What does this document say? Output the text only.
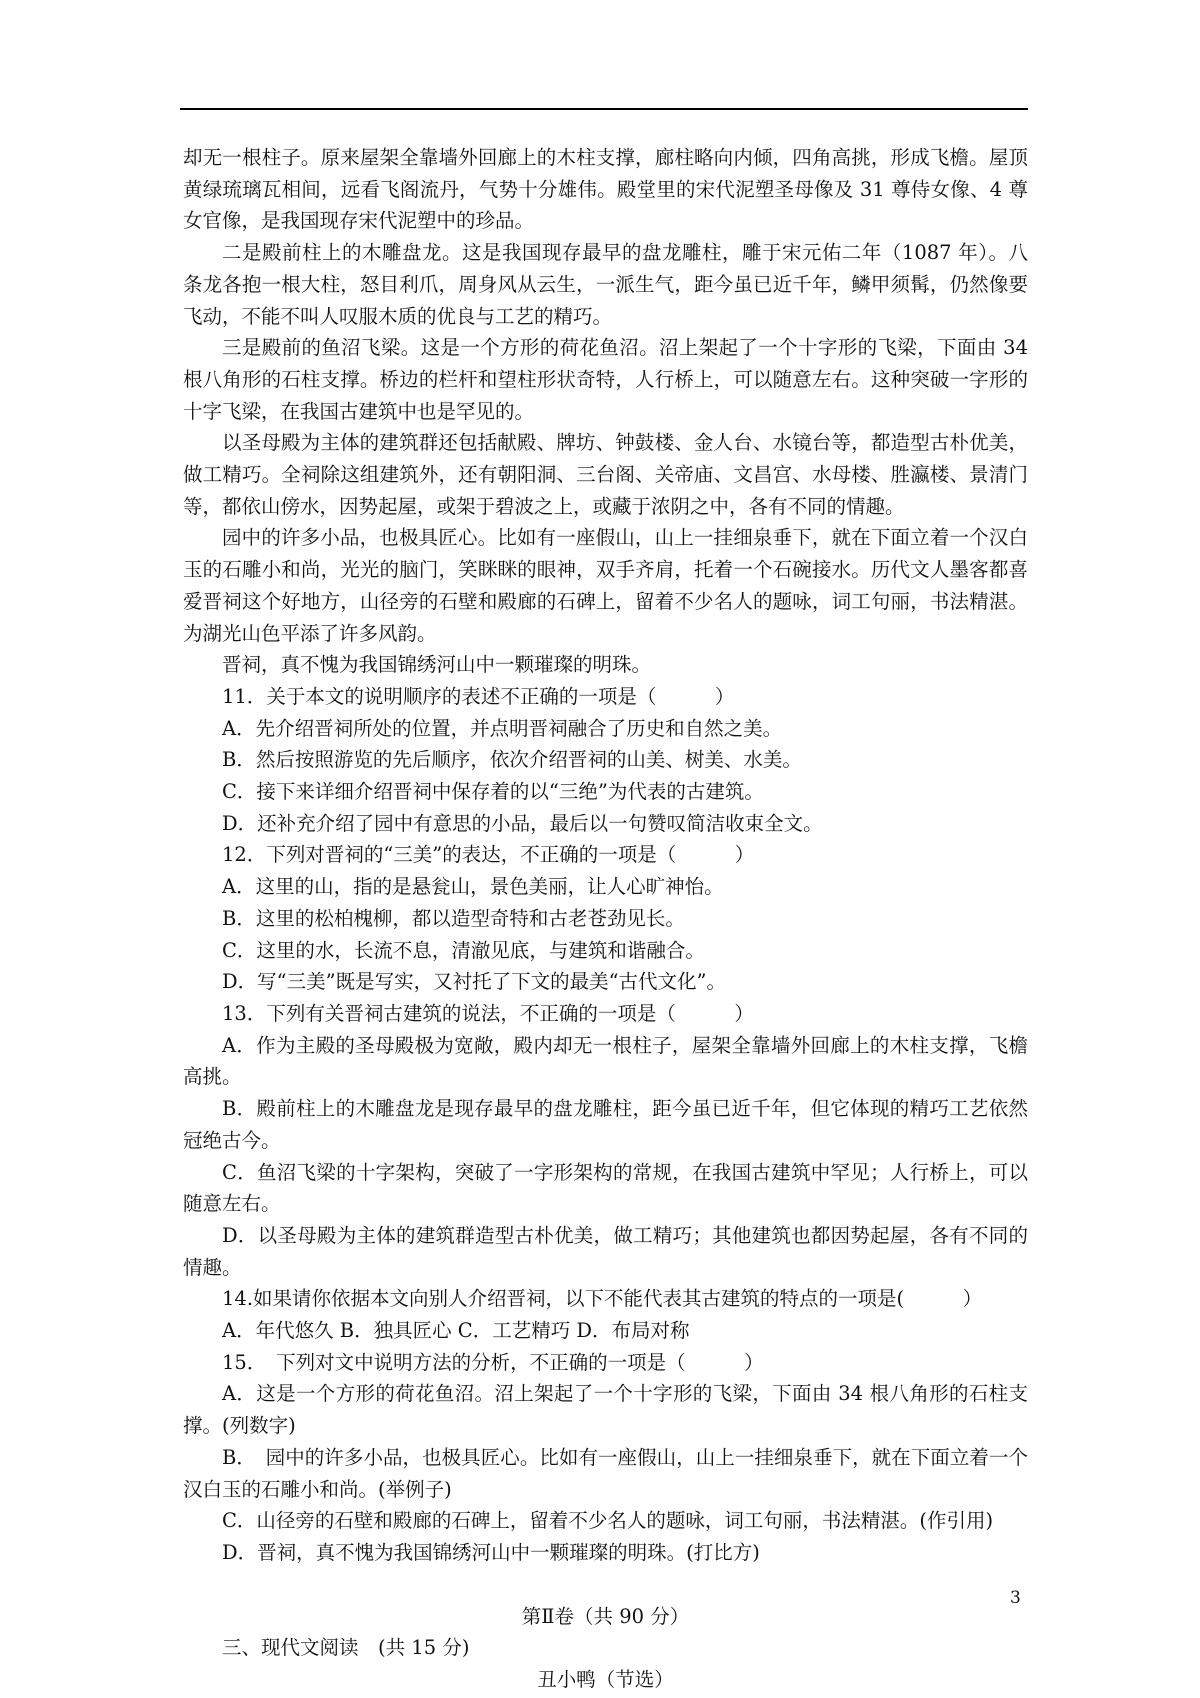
却无一根柱子。原来屋架全靠墙外回廊上的木柱支撑，廊柱略向内倾，四角高挑，形成飞檐。屋顶黄绿琉璃瓦相间，远看飞阁流丹，气势十分雄伟。殿堂里的宋代泥塑圣母像及 31 尊侍女像、4 尊女官像，是我国现存宋代泥塑中的珍品。

二是殿前柱上的木雕盘龙。这是我国现存最早的盘龙雕柱，雕于宋元佑二年（1087 年）。八条龙各抱一根大柱，怒目利爪，周身风从云生，一派生气，距今虽已近千年，鳞甲须髯，仍然像要飞动，不能不叫人叹服木质的优良与工艺的精巧。

三是殿前的鱼沼飞梁。这是一个方形的荷花鱼沼。沼上架起了一个十字形的飞梁，下面由 34 根八角形的石柱支撑。桥边的栏杆和望柱形状奇特，人行桥上，可以随意左右。这种突破一字形的十字飞梁，在我国古建筑中也是罕见的。

以圣母殿为主体的建筑群还包括献殿、牌坊、钟鼓楼、金人台、水镜台等，都造型古朴优美，做工精巧。全祠除这组建筑外，还有朝阳洞、三台阁、关帝庙、文昌宫、水母楼、胜瀛楼、景清门等，都依山傍水，因势起屋，或架于碧波之上，或藏于浓阴之中，各有不同的情趣。

园中的许多小品，也极具匠心。比如有一座假山，山上一挂细泉垂下，就在下面立着一个汉白玉的石雕小和尚，光光的脑门，笑眯眯的眼神，双手齐肩，托着一个石碗接水。历代文人墨客都喜爱晋祠这个好地方，山径旁的石壁和殿廊的石碑上，留着不少名人的题咏，词工句丽，书法精湛。为湖光山色平添了许多风韵。

晋祠，真不愧为我国锦绣河山中一颗璀璨的明珠。

11．关于本文的说明顺序的表述不正确的一项是（　　　）

A．先介绍晋祠所处的位置，并点明晋祠融合了历史和自然之美。

B．然后按照游览的先后顺序，依次介绍晋祠的山美、树美、水美。

C．接下来详细介绍晋祠中保存着的以“三绝”为代表的古建筑。

D．还补充介绍了园中有意思的小品，最后以一句赞叹简洁收束全文。

12．下列对晋祠的“三美”的表达，不正确的一项是（　　　）

A．这里的山，指的是悬瓮山，景色美丽，让人心旷神怡。

B．这里的松柏槐柳，都以造型奇特和古老苍劲见长。

C．这里的水，长流不息，清澈见底，与建筑和谐融合。

D．写“三美”既是写实，又衬托了下文的最美“古代文化”。

13．下列有关晋祠古建筑的说法，不正确的一项是（　　　）

A．作为主殿的圣母殿极为宽敞，殿内却无一根柱子，屋架全靠墙外回廊上的木柱支撑，飞檐高挑。

B．殿前柱上的木雕盘龙是现存最早的盘龙雕柱，距今虽已近千年，但它体现的精巧工艺依然冠绝古今。

C．鱼沼飞梁的十字架构，突破了一字形架构的常规，在我国古建筑中罕见；人行桥上，可以随意左右。

D．以圣母殿为主体的建筑群造型古朴优美，做工精巧；其他建筑也都因势起屋，各有不同的情趣。

14.如果请你依据本文向别人介绍晋祠，以下不能代表其古建筑的特点的一项是(　　　）

A．年代悠久 B．独具匠心 C．工艺精巧 D．布局对称

15．　下列对文中说明方法的分析，不正确的一项是（　　　）

A．这是一个方形的荷花鱼沼。沼上架起了一个十字形的飞梁，下面由 34 根八角形的石柱支撑。(列数字)

B．　园中的许多小品，也极具匠心。比如有一座假山，山上一挂细泉垂下，就在下面立着一个汉白玉的石雕小和尚。(举例子)

C．山径旁的石壁和殿廊的石碑上，留着不少名人的题咏，词工句丽，书法精湛。(作引用)

D．晋祠，真不愧为我国锦绣河山中一颗璀璨的明珠。(打比方)

第Ⅱ卷（共 90 分）

三、现代文阅读　(共 15 分)

丑小鸭（节选）

3
